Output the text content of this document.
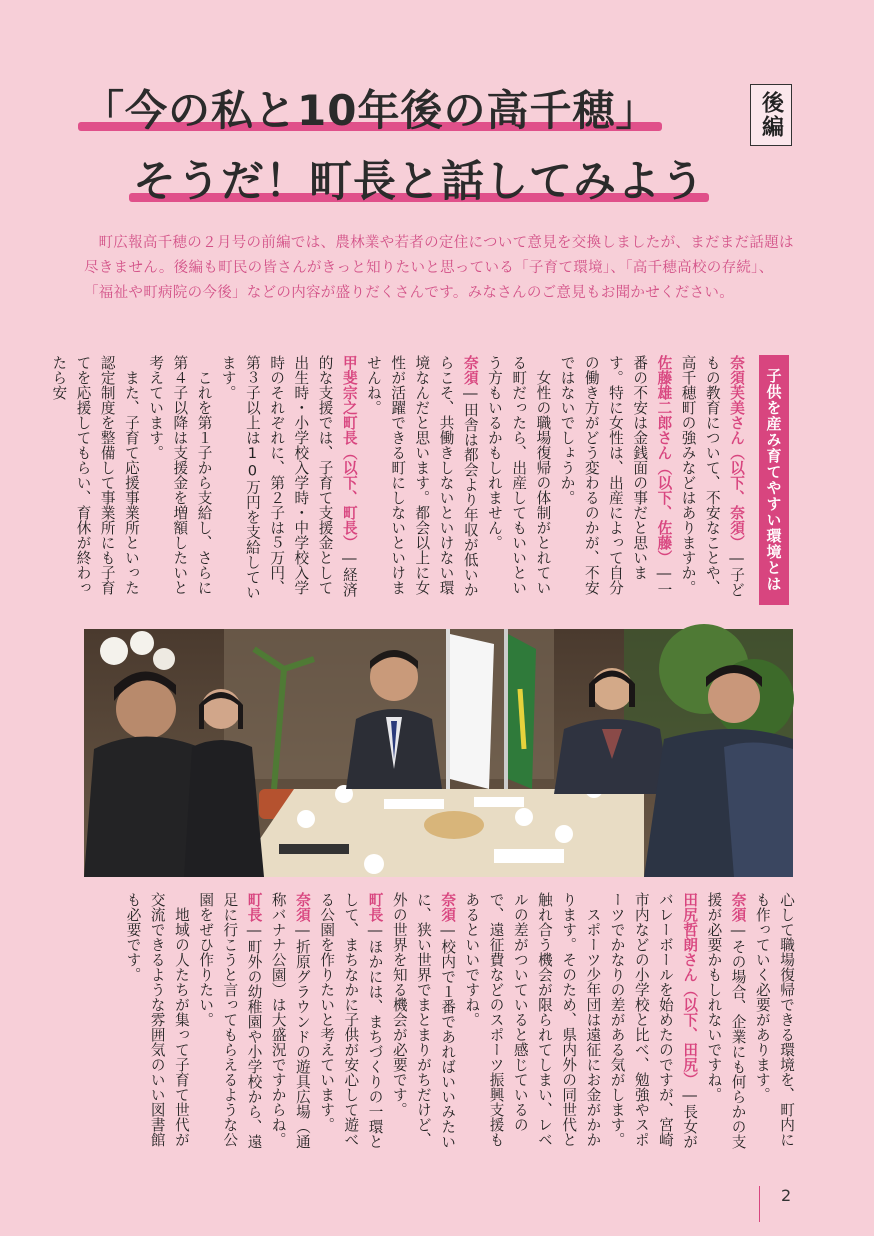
「今の私と10年後の高千穂」
そうだ！町長と話してみよう
後編

町広報高千穂の２月号の前編では、農林業や若者の定住について意見を交換しましたが、まだまだ話題は尽きません。後編も町民の皆さんがきっと知りたいと思っている「子育て環境」、「高千穂高校の存続」、「福祉や町病院の今後」などの内容が盛りだくさんです。みなさんのご意見もお聞かせください。

子供を産み育てやすい環境とは

奈須芙美さん（以下、奈須）―子どもの教育について、不安なことや、高千穂町の強みなどはありますか。

佐藤雄二郎さん（以下、佐藤）―一番の不安は金銭面の事だと思います。特に女性は、出産によって自分の働き方がどう変わるのかが、不安ではないでしょうか。

女性の職場復帰の体制がとれている町だったら、出産してもいいという方もいるかもしれません。

奈須―田舎は都会より年収が低いからこそ、共働きしないといけない環境なんだと思います。都会以上に女性が活躍できる町にしないといけませんね。

甲斐宗之町長（以下、町長）―経済的な支援では、子育て支援金として出生時・小学校入学時・中学校入学時のそれぞれに、第２子は５万円、第３子以上は10万円を支給しています。

これを第１子から支給し、さらに第４子以降は支援金を増額したいと考えています。

また、子育て応援事業所といった認定制度を整備して事業所にも子育てを応援してもらい、育休が終わったら安

心して職場復帰できる環境を、町内にも作っていく必要があります。

奈須―その場合、企業にも何らかの支援が必要かもしれないですね。

田尻哲朗さん（以下、田尻）―長女がバレーボールを始めたのですが、宮崎市内などの小学校と比べ、勉強やスポーツでかなりの差がある気がします。

スポーツ少年団は遠征にお金がかかります。そのため、県内外の同世代と触れ合う機会が限られてしまい、レベルの差がついていると感じているので、遠征費などのスポーツ振興支援もあるといいですね。

奈須―校内で１番であればいいみたいに、狭い世界でまとまりがちだけど、外の世界を知る機会が必要です。

町長―ほかには、まちづくりの一環として、まちなかに子供が安心して遊べる公園を作りたいと考えています。

奈須―折原グラウンドの遊具広場（通称バナナ公園）は大盛況ですからね。

町長―町外の幼稚園や小学校から、遠足に行こうと言ってもらえるような公園をぜひ作りたい。

地域の人たちが集って子育て世代が交流できるような雰囲気のいい図書館も必要です。

2
